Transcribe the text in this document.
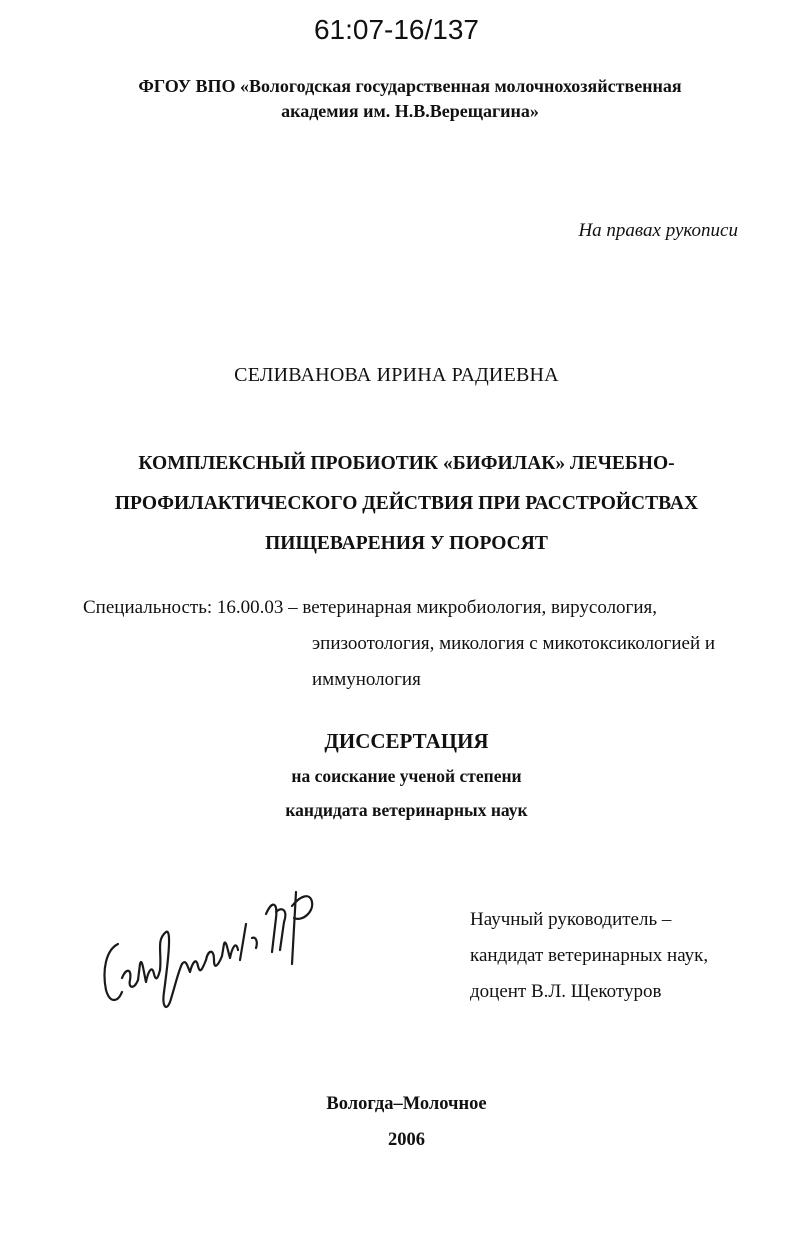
61:07-16/137
ФГОУ ВПО «Вологодская государственная молочнохозяйственная
академия им. Н.В.Верещагина»
На правах рукописи
СЕЛИВАНОВА ИРИНА РАДИЕВНА
КОМПЛЕКСНЫЙ ПРОБИОТИК «БИФИЛАК» ЛЕЧЕБНО-
ПРОФИЛАКТИЧЕСКОГО ДЕЙСТВИЯ ПРИ РАССТРОЙСТВАХ
ПИЩЕВАРЕНИЯ У ПОРОСЯТ
Специальность: 16.00.03 – ветеринарная микробиология, вирусология,
эпизоотология, микология с микотоксикологией и
иммунология
ДИССЕРТАЦИЯ
на соискание ученой степени
кандидата ветеринарных наук
Научный руководитель –
кандидат ветеринарных наук,
доцент В.Л. Щекотуров
Вологда–Молочное
2006
